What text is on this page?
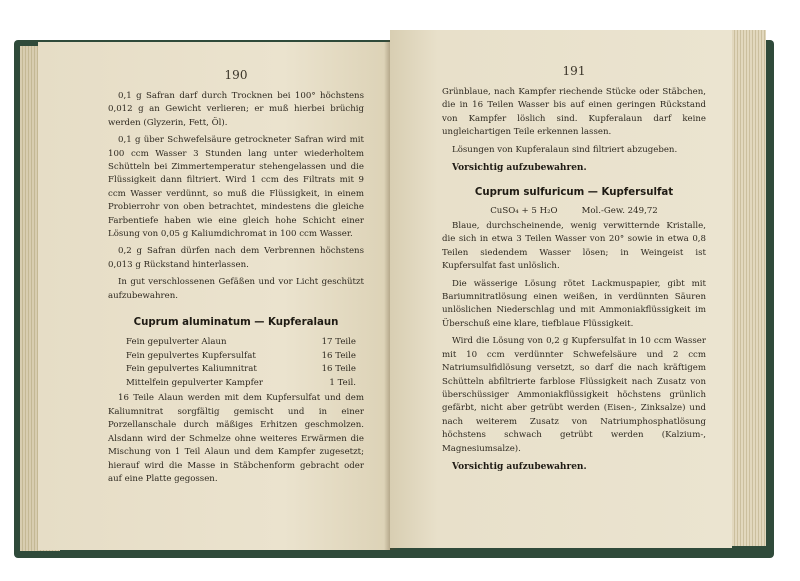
190

0,1 g Safran darf durch Trocknen bei 100° höchstens 0,012 g an Gewicht verlieren; er muß hierbei brüchig werden (Glyzerin, Fett, Öl).

0,1 g über Schwefelsäure getrockneter Safran wird mit 100 ccm Wasser 3 Stunden lang unter wiederholtem Schütteln bei Zimmertemperatur stehengelassen und die Flüssigkeit dann filtriert. Wird 1 ccm des Filtrats mit 9 ccm Wasser verdünnt, so muß die Flüssigkeit, in einem Probierrohr von oben betrachtet, mindestens die gleiche Farbentiefe haben wie eine gleich hohe Schicht einer Lösung von 0,05 g Kaliumdichromat in 100 ccm Wasser.

0,2 g Safran dürfen nach dem Verbrennen höchstens 0,013 g Rückstand hinterlassen.

In gut verschlossenen Gefäßen und vor Licht geschützt aufzubewahren.

Cuprum aluminatum — Kupferalaun
Fein gepulverter Alaun	17 Teile
Fein gepulvertes Kupfersulfat	16 Teile
Fein gepulvertes Kaliumnitrat	16 Teile
Mittelfein gepulverter Kampfer	1 Teil.

16 Teile Alaun werden mit dem Kupfersulfat und dem Kaliumnitrat sorgfältig gemischt und in einer Porzellanschale durch mäßiges Erhitzen geschmolzen. Alsdann wird der Schmelze ohne weiteres Erwärmen die Mischung von 1 Teil Alaun und dem Kampfer zugesetzt; hierauf wird die Masse in Stäbchenform gebracht oder auf eine Platte gegossen.

191

Grünblaue, nach Kampfer riechende Stücke oder Stäbchen, die in 16 Teilen Wasser bis auf einen geringen Rückstand von Kampfer löslich sind. Kupferalaun darf keine ungleichartigen Teile erkennen lassen.

Lösungen von Kupferalaun sind filtriert abzugeben.

Vorsichtig aufzubewahren.
Cuprum sulfuricum — Kupfersulfat
CuSO₄ + 5 H₂O	Mol.-Gew. 249,72

Blaue, durchscheinende, wenig verwitternde Kristalle, die sich in etwa 3 Teilen Wasser von 20° sowie in etwa 0,8 Teilen siedendem Wasser lösen; in Weingeist ist Kupfersulfat fast unlöslich.

Die wässerige Lösung rötet Lackmuspapier, gibt mit Bariumnitratlösung einen weißen, in verdünnten Säuren unlöslichen Niederschlag und mit Ammoniakflüssigkeit im Überschuß eine klare, tiefblaue Flüssigkeit.

Wird die Lösung von 0,2 g Kupfersulfat in 10 ccm Wasser mit 10 ccm verdünnter Schwefelsäure und 2 ccm Natriumsulfidlösung versetzt, so darf die nach kräftigem Schütteln abfiltrierte farblose Flüssigkeit nach Zusatz von überschüssiger Ammoniakflüssigkeit höchstens grünlich gefärbt, nicht aber getrübt werden (Eisen-, Zinksalze) und nach weiterem Zusatz von Natriumphosphatlösung höchstens schwach getrübt werden (Kalzium-, Magnesiumsalze).

Vorsichtig aufzubewahren.
